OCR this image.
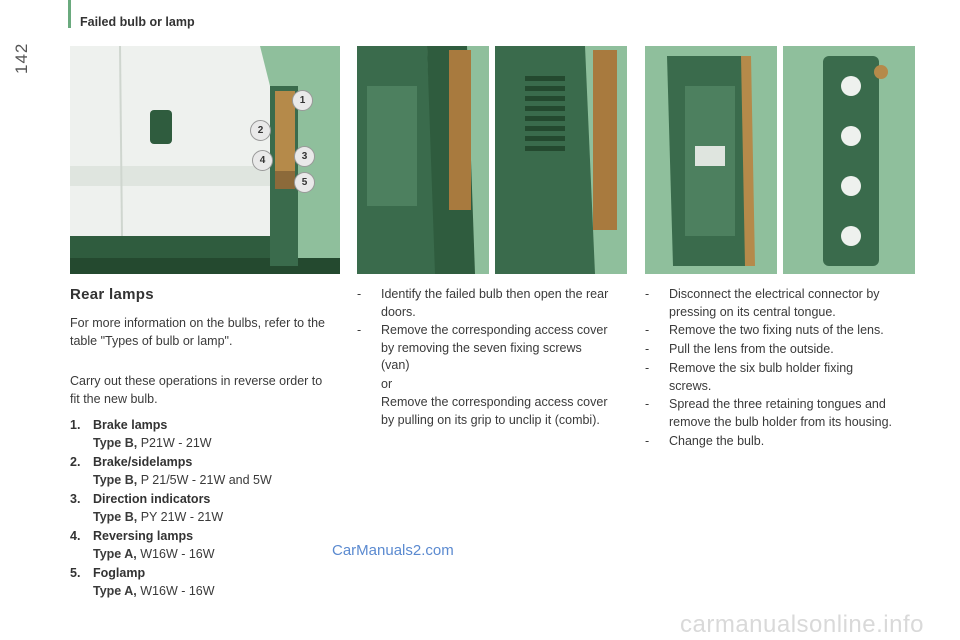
142
Failed bulb or lamp
1
2
3
4
5
Rear lamps
For more information on the bulbs, refer to the table "Types of bulb or lamp".
Carry out these operations in reverse order to fit the new bulb.
1. Brake lamps
Type B, P21W - 21W
2. Brake/sidelamps
Type B, P 21/5W - 21W and 5W
3. Direction indicators
Type B, PY 21W - 21W
4. Reversing lamps
Type A, W16W - 16W
5. Foglamp
Type A, W16W - 16W
- Identify the failed bulb then open the rear doors.
- Remove the corresponding access cover by removing the seven fixing screws (van)
or
Remove the corresponding access cover by pulling on its grip to unclip it (combi).
- Disconnect the electrical connector by pressing on its central tongue.
- Remove the two fixing nuts of the lens.
- Pull the lens from the outside.
- Remove the six bulb holder fixing screws.
- Spread the three retaining tongues and remove the bulb holder from its housing.
- Change the bulb.
CarManuals2.com
carmanualsonline.info
